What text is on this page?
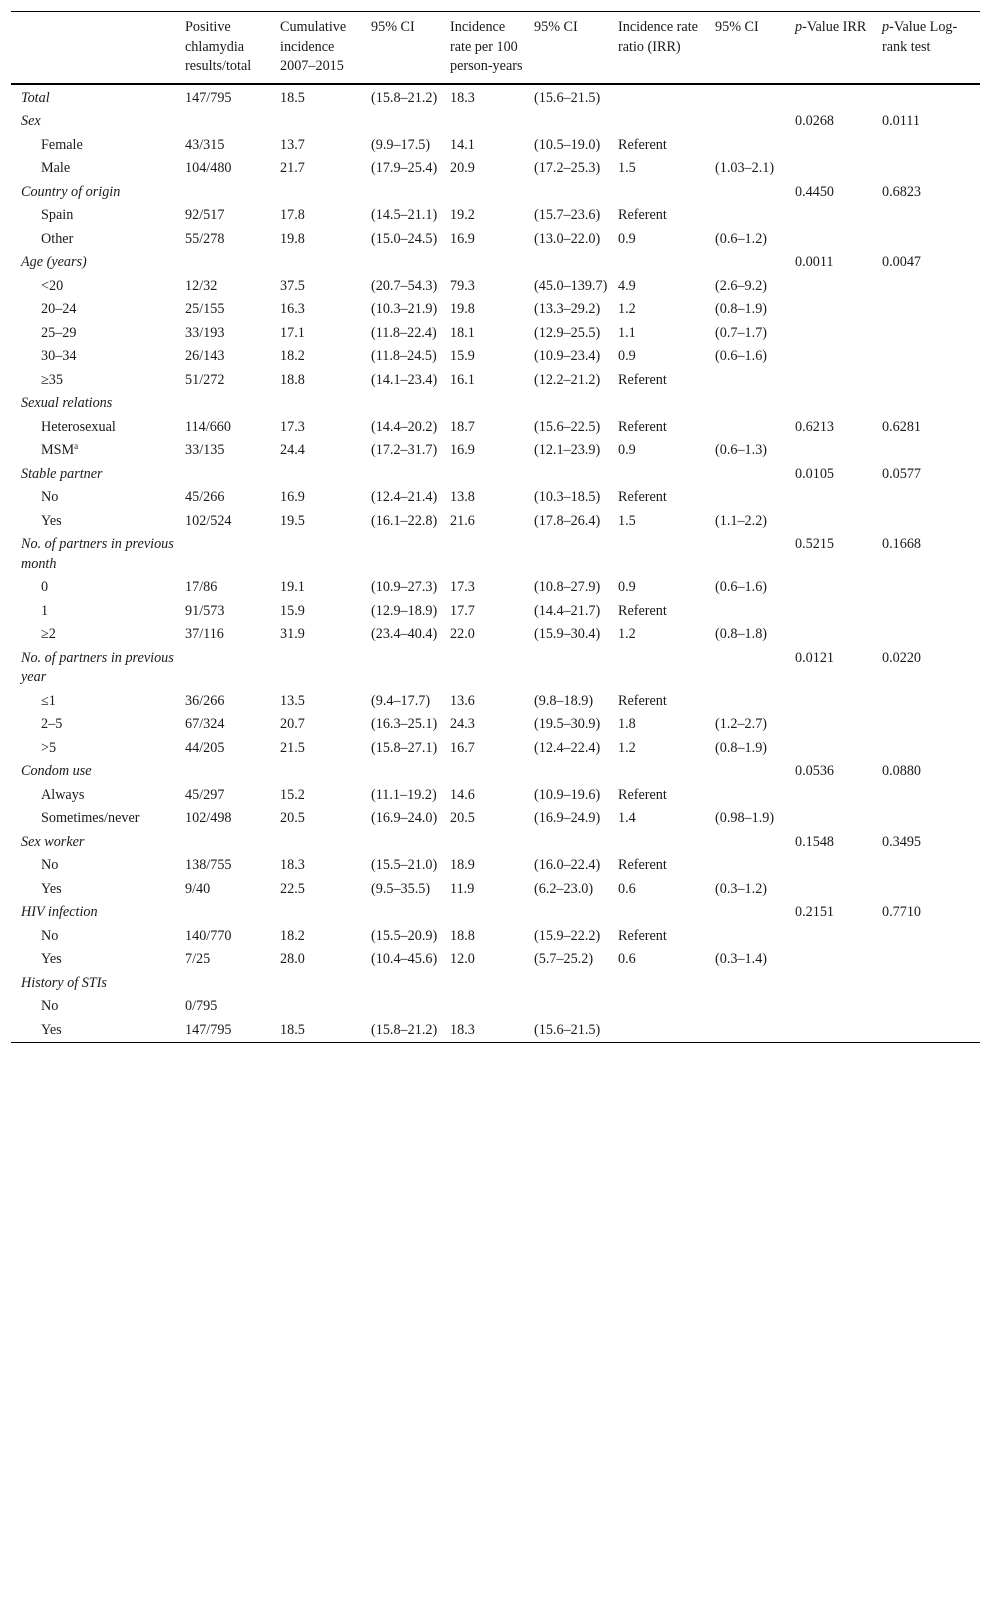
	Positive chlamydia results/total	Cumulative incidence 2007–2015	95% CI	Incidence rate per 100 person-years	95% CI	Incidence rate ratio (IRR)	95% CI	p-Value IRR	p-Value Log-rank test
Total	147/795	18.5	(15.8–21.2)	18.3	(15.6–21.5)				
Sex								0.0268	0.0111
Female	43/315	13.7	(9.9–17.5)	14.1	(10.5–19.0)	Referent			
Male	104/480	21.7	(17.9–25.4)	20.9	(17.2–25.3)	1.5	(1.03–2.1)		
Country of origin								0.4450	0.6823
Spain	92/517	17.8	(14.5–21.1)	19.2	(15.7–23.6)	Referent			
Other	55/278	19.8	(15.0–24.5)	16.9	(13.0–22.0)	0.9	(0.6–1.2)		
Age (years)								0.0011	0.0047
<20	12/32	37.5	(20.7–54.3)	79.3	(45.0–139.7)	4.9	(2.6–9.2)		
20–24	25/155	16.3	(10.3–21.9)	19.8	(13.3–29.2)	1.2	(0.8–1.9)		
25–29	33/193	17.1	(11.8–22.4)	18.1	(12.9–25.5)	1.1	(0.7–1.7)		
30–34	26/143	18.2	(11.8–24.5)	15.9	(10.9–23.4)	0.9	(0.6–1.6)		
≥35	51/272	18.8	(14.1–23.4)	16.1	(12.2–21.2)	Referent			
Sexual relations									
Heterosexual	114/660	17.3	(14.4–20.2)	18.7	(15.6–22.5)	Referent		0.6213	0.6281
MSM$^a$	33/135	24.4	(17.2–31.7)	16.9	(12.1–23.9)	0.9	(0.6–1.3)		
Stable partner								0.0105	0.0577
No	45/266	16.9	(12.4–21.4)	13.8	(10.3–18.5)	Referent			
Yes	102/524	19.5	(16.1–22.8)	21.6	(17.8–26.4)	1.5	(1.1–2.2)		
No. of partners in previous month								0.5215	0.1668
0	17/86	19.1	(10.9–27.3)	17.3	(10.8–27.9)	0.9	(0.6–1.6)		
1	91/573	15.9	(12.9–18.9)	17.7	(14.4–21.7)	Referent			
≥2	37/116	31.9	(23.4–40.4)	22.0	(15.9–30.4)	1.2	(0.8–1.8)		
No. of partners in previous year								0.0121	0.0220
≤1	36/266	13.5	(9.4–17.7)	13.6	(9.8–18.9)	Referent			
2–5	67/324	20.7	(16.3–25.1)	24.3	(19.5–30.9)	1.8	(1.2–2.7)		
>5	44/205	21.5	(15.8–27.1)	16.7	(12.4–22.4)	1.2	(0.8–1.9)		
Condom use								0.0536	0.0880
Always	45/297	15.2	(11.1–19.2)	14.6	(10.9–19.6)	Referent			
Sometimes/never	102/498	20.5	(16.9–24.0)	20.5	(16.9–24.9)	1.4	(0.98–1.9)		
Sex worker								0.1548	0.3495
No	138/755	18.3	(15.5–21.0)	18.9	(16.0–22.4)	Referent			
Yes	9/40	22.5	(9.5–35.5)	11.9	(6.2–23.0)	0.6	(0.3–1.2)		
HIV infection								0.2151	0.7710
No	140/770	18.2	(15.5–20.9)	18.8	(15.9–22.2)	Referent			
Yes	7/25	28.0	(10.4–45.6)	12.0	(5.7–25.2)	0.6	(0.3–1.4)		
History of STIs									
No	0/795								
Yes	147/795	18.5	(15.8–21.2)	18.3	(15.6–21.5)				
